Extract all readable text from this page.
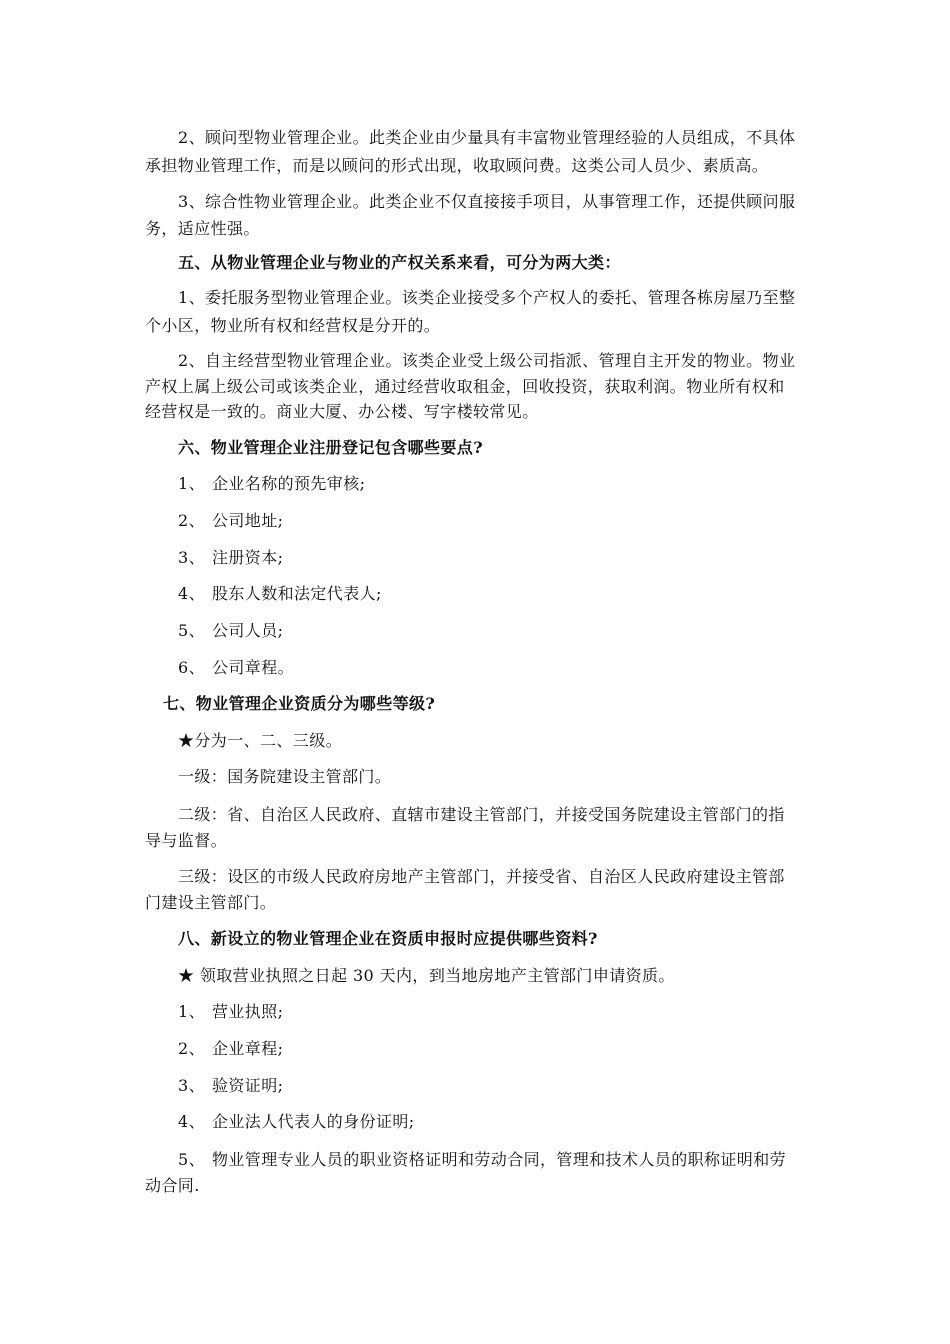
2、顾问型物业管理企业。此类企业由少量具有丰富物业管理经验的人员组成，不具体

承担物业管理工作，而是以顾问的形式出现，收取顾问费。这类公司人员少、素质高。

3、综合性物业管理企业。此类企业不仅直接接手项目，从事管理工作，还提供顾问服

务，适应性强。

五、从物业管理企业与物业的产权关系来看，可分为两大类：

1、委托服务型物业管理企业。该类企业接受多个产权人的委托、管理各栋房屋乃至整

个小区，物业所有权和经营权是分开的。

2、自主经营型物业管理企业。该类企业受上级公司指派、管理自主开发的物业。物业

产权上属上级公司或该类企业，通过经营收取租金，回收投资，获取利润。物业所有权和

经营权是一致的。商业大厦、办公楼、写字楼较常见。

六、物业管理企业注册登记包含哪些要点?

1、 企业名称的预先审核;

2、 公司地址;

3、 注册资本;

4、 股东人数和法定代表人;

5、 公司人员;

6、 公司章程。

七、物业管理企业资质分为哪些等级?

★分为一、二、三级。

一级：国务院建设主管部门。

二级：省、自治区人民政府、直辖市建设主管部门，并接受国务院建设主管部门的指

导与监督。

三级：设区的市级人民政府房地产主管部门，并接受省、自治区人民政府建设主管部

门建设主管部门。

八、新设立的物业管理企业在资质申报时应提供哪些资料?

★ 领取营业执照之日起 30 天内，到当地房地产主管部门申请资质。

1、 营业执照;

2、 企业章程;

3、 验资证明;

4、 企业法人代表人的身份证明;

5、 物业管理专业人员的职业资格证明和劳动合同，管理和技术人员的职称证明和劳

动合同.
